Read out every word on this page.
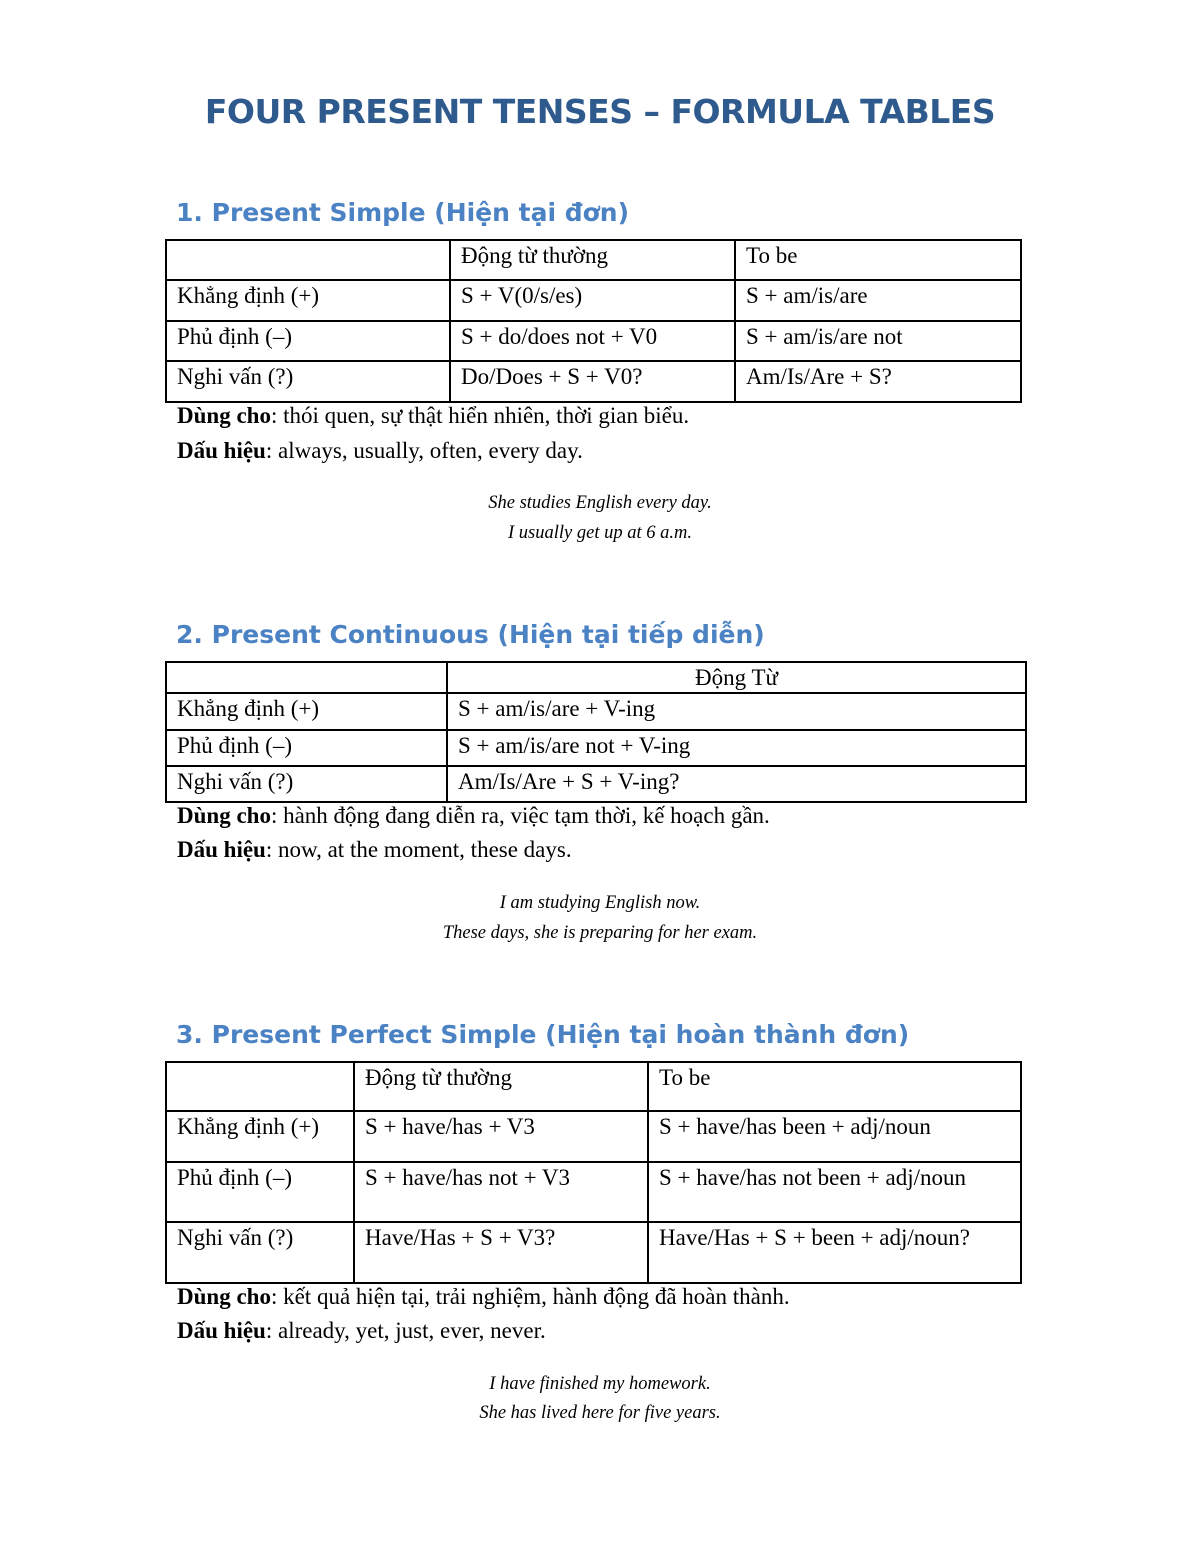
FOUR PRESENT TENSES – FORMULA TABLES
1. Present Simple (Hiện tại đơn)
	Động từ thường	To be
Khẳng định (+)	S + V(0/s/es)	S + am/is/are
Phủ định (–)	S + do/does not + V0	S + am/is/are not
Nghi vấn (?)	Do/Does + S + V0?	Am/Is/Are + S?

Dùng cho: thói quen, sự thật hiển nhiên, thời gian biểu.

Dấu hiệu: always, usually, often, every day.

She studies English every day.

I usually get up at 6 a.m.

2. Present Continuous (Hiện tại tiếp diễn)
	Động Từ
Khẳng định (+)	S + am/is/are + V-ing
Phủ định (–)	S + am/is/are not + V-ing
Nghi vấn (?)	Am/Is/Are + S + V-ing?

Dùng cho: hành động đang diễn ra, việc tạm thời, kế hoạch gần.

Dấu hiệu: now, at the moment, these days.

I am studying English now.

These days, she is preparing for her exam.

3. Present Perfect Simple (Hiện tại hoàn thành đơn)
	Động từ thường	To be
Khẳng định (+)	S + have/has + V3	S + have/has been + adj/noun
Phủ định (–)	S + have/has not + V3	S + have/has not been + adj/noun
Nghi vấn (?)	Have/Has + S + V3?	Have/Has + S + been + adj/noun?

Dùng cho: kết quả hiện tại, trải nghiệm, hành động đã hoàn thành.

Dấu hiệu: already, yet, just, ever, never.

I have finished my homework.

She has lived here for five years.
